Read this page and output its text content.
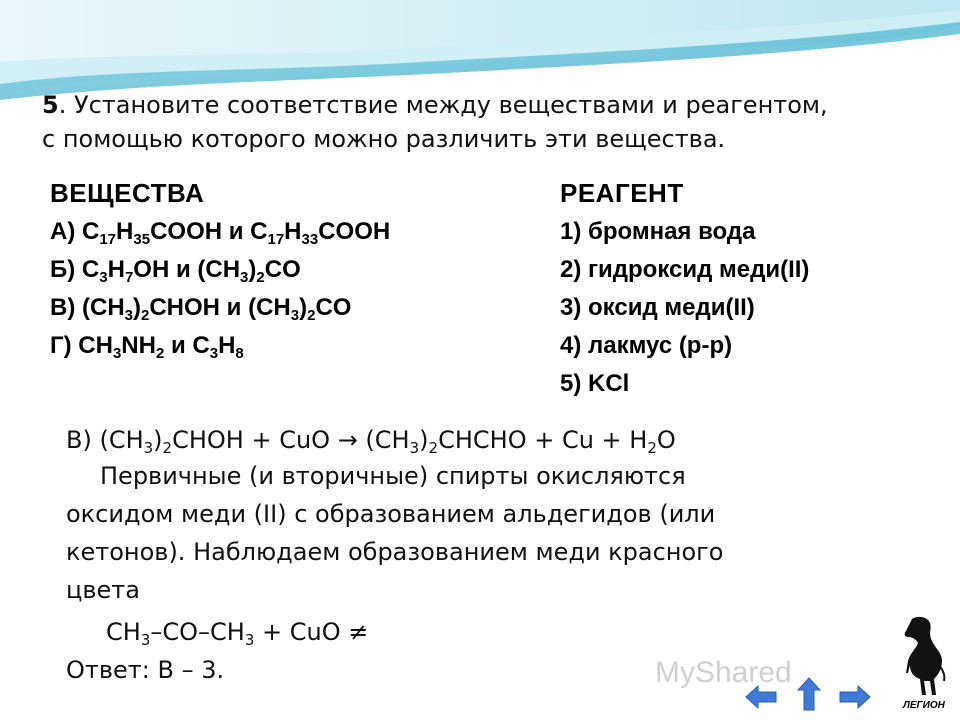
5. Установите соответствие между веществами и реагентом,
с помощью которого можно различить эти вещества.
ВЕЩЕСТВА	РЕАГЕНТ
А) $C_{17}H_{35}COOH$ и $C_{17}H_{33}COOH$
Б) $C_3H_7OH$ и $(CH_3)_2CO$
В) $(CH_3)_2CHOH$ и $(CH_3)_2CO$
Г) $CH_3NH_2$ и $C_3H_8$
1) бромная вода
2) гидроксид меди(II)
3) оксид меди(II)
4) лакмус (р-р)
5) KCl
В) $(CH_3)_2CHOH$ + CuO → $(CH_3)_2CHCHO + Cu + H_2O$
Первичные (и вторичные) спирты окисляются
оксидом меди (II) с образованием альдегидов (или
кетонов). Наблюдаем образованием меди красного
цвета
$CH_3-CO-CH_3$ + CuO ≠
Ответ: В – 3.	MyShared
ЛЕГИОН
